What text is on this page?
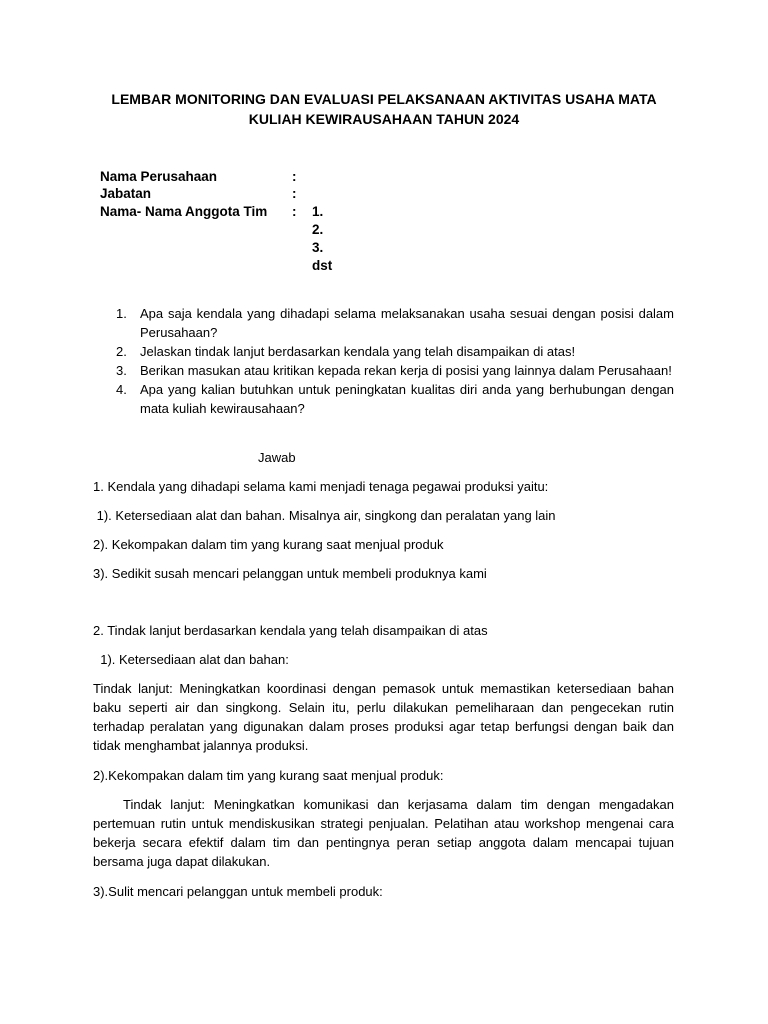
LEMBAR MONITORING DAN EVALUASI PELAKSANAAN AKTIVITAS USAHA MATA
KULIAH KEWIRAUSAHAAN TAHUN 2024
Nama Perusahaan	:
Jabatan	:
Nama- Nama Anggota Tim : 1.
2.
3.
dst
1.	Apa saja kendala yang dihadapi selama melaksanakan usaha sesuai dengan posisi dalam Perusahaan?
2.	Jelaskan tindak lanjut berdasarkan kendala yang telah disampaikan di atas!
3.	Berikan masukan atau kritikan kepada rekan kerja di posisi yang lainnya dalam Perusahaan!
4.	Apa yang kalian butuhkan untuk peningkatan kualitas diri anda yang berhubungan dengan mata kuliah kewirausahaan?
Jawab
1. Kendala yang dihadapi selama kami menjadi tenaga pegawai produksi yaitu:
1). Ketersediaan alat dan bahan. Misalnya air, singkong dan peralatan yang lain
2). Kekompakan dalam tim yang kurang saat menjual produk
3). Sedikit susah mencari pelanggan untuk membeli produknya kami
2. Tindak lanjut berdasarkan kendala yang telah disampaikan di atas
1). Ketersediaan alat dan bahan:
Tindak lanjut: Meningkatkan koordinasi dengan pemasok untuk memastikan ketersediaan bahan baku seperti air dan singkong. Selain itu, perlu dilakukan pemeliharaan dan pengecekan rutin terhadap peralatan yang digunakan dalam proses produksi agar tetap berfungsi dengan baik dan tidak menghambat jalannya produksi.
2).Kekompakan dalam tim yang kurang saat menjual produk:
Tindak lanjut: Meningkatkan komunikasi dan kerjasama dalam tim dengan mengadakan pertemuan rutin untuk mendiskusikan strategi penjualan. Pelatihan atau workshop mengenai cara bekerja secara efektif dalam tim dan pentingnya peran setiap anggota dalam mencapai tujuan bersama juga dapat dilakukan.
3).Sulit mencari pelanggan untuk membeli produk:
